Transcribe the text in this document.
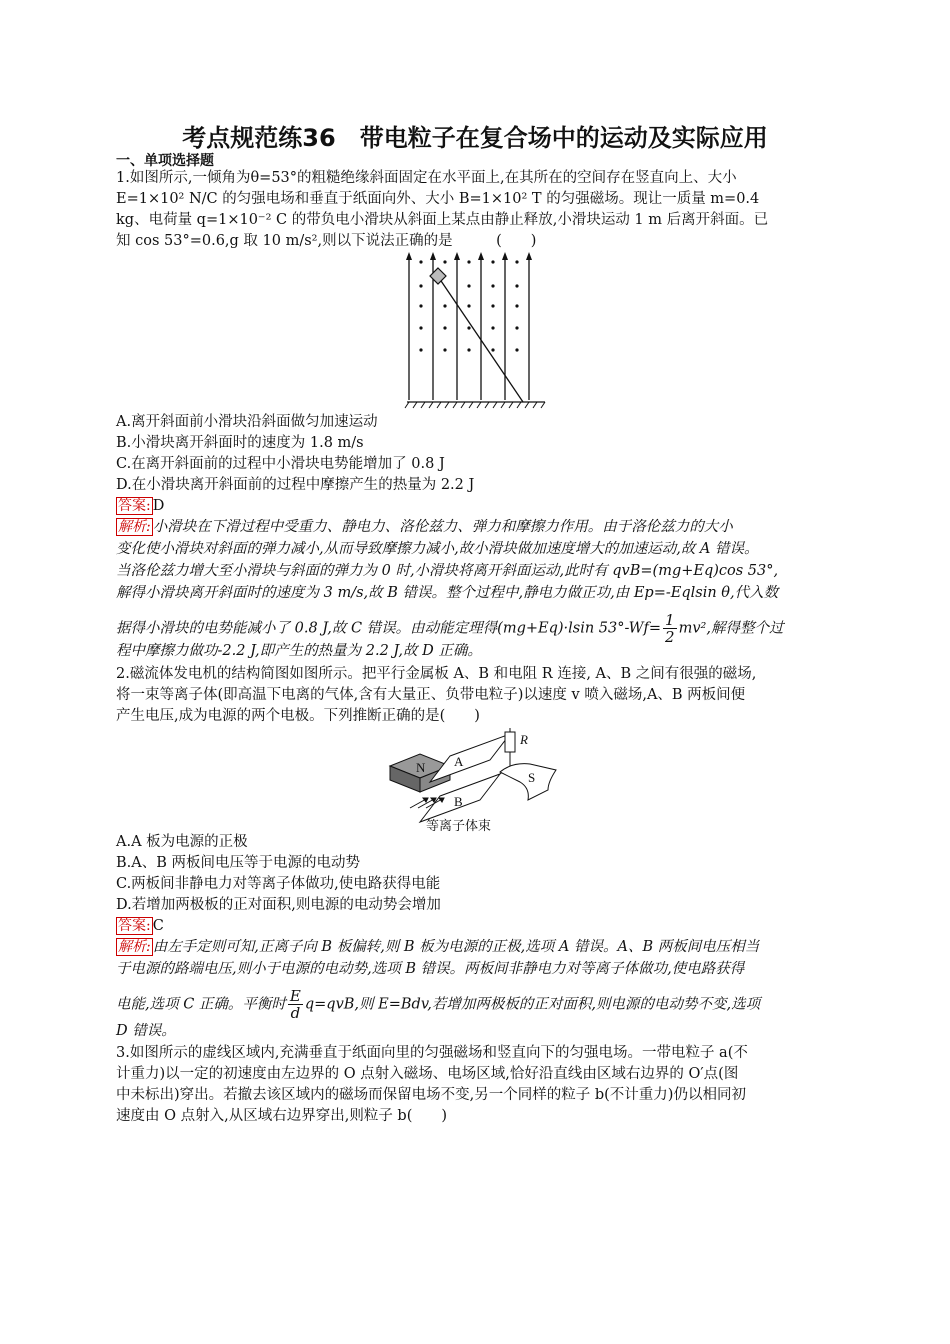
考点规范练36　带电粒子在复合场中的运动及实际应用
一、单项选择题
1.如图所示,一倾角为θ=53°的粗糙绝缘斜面固定在水平面上,在其所在的空间存在竖直向上、大小
E=1×10² N/C 的匀强电场和垂直于纸面向外、大小 B=1×10² T 的匀强磁场。现让一质量 m=0.4
kg、电荷量 q=1×10⁻² C 的带负电小滑块从斜面上某点由静止释放,小滑块运动 1 m 后离开斜面。已
知 cos 53°=0.6,g 取 10 m/s²,则以下说法正确的是　　　(　　)
A.离开斜面前小滑块沿斜面做匀加速运动
B.小滑块离开斜面时的速度为 1.8 m/s
C.在离开斜面前的过程中小滑块电势能增加了 0.8 J
D.在小滑块离开斜面前的过程中摩擦产生的热量为 2.2 J
答案: D
解析: 小滑块在下滑过程中受重力、静电力、洛伦兹力、弹力和摩擦力作用。由于洛伦兹力的大小
变化使小滑块对斜面的弹力减小,从而导致摩擦力减小,故小滑块做加速度增大的加速运动,故 A 错误。
当洛伦兹力增大至小滑块与斜面的弹力为 0 时,小滑块将离开斜面运动,此时有 qvB=(mg+Eq)cos 53°,
解得小滑块离开斜面时的速度为 3 m/s,故 B 错误。整个过程中,静电力做正功,由 Ep=-Eqlsin θ,代入数
据得小滑块的电势能减小了 0.8 J,故 C 错误。由动能定理得(mg+Eq)·lsin $53^\circ-Wf= \frac{1}{2} mv^2$,解得整个过
程中摩擦力做功-2.2 J,即产生的热量为 2.2 J,故 D 正确。
2.磁流体发电机的结构简图如图所示。把平行金属板 A、B 和电阻 R 连接, A、B 之间有很强的磁场,
将一束等离子体(即高温下电离的气体,含有大量正、负带电粒子)以速度 v 喷入磁场,A、B 两板间便
产生电压,成为电源的两个电极。下列推断正确的是(　　)
N A
B
R
S
等离子体束
A.A 板为电源的正极
B.A、B 两板间电压等于电源的电动势
C.两板间非静电力对等离子体做功,使电路获得电能
D.若增加两极板的正对面积,则电源的电动势会增加
答案: C
解析: 由左手定则可知,正离子向 B 板偏转,则 B 板为电源的正极,选项 A 错误。A、B 两板间电压相当
于电源的路端电压,则小于电源的电动势,选项 B 错误。两板间非静电力对等离子体做功,使电路获得
电能,选项 C 正确。平衡时 $\frac{E}{d} q=qvB$,则 E=Bdv,若增加两极板的正对面积,则电源的电动势不变,选项
D 错误。
3.如图所示的虚线区域内,充满垂直于纸面向里的匀强磁场和竖直向下的匀强电场。一带电粒子 a(不
计重力)以一定的初速度由左边界的 O 点射入磁场、电场区域,恰好沿直线由区域右边界的 O′点(图
中未标出)穿出。若撤去该区域内的磁场而保留电场不变,另一个同样的粒子 b(不计重力)仍以相同初
速度由 O 点射入,从区域右边界穿出,则粒子 b(　　)
